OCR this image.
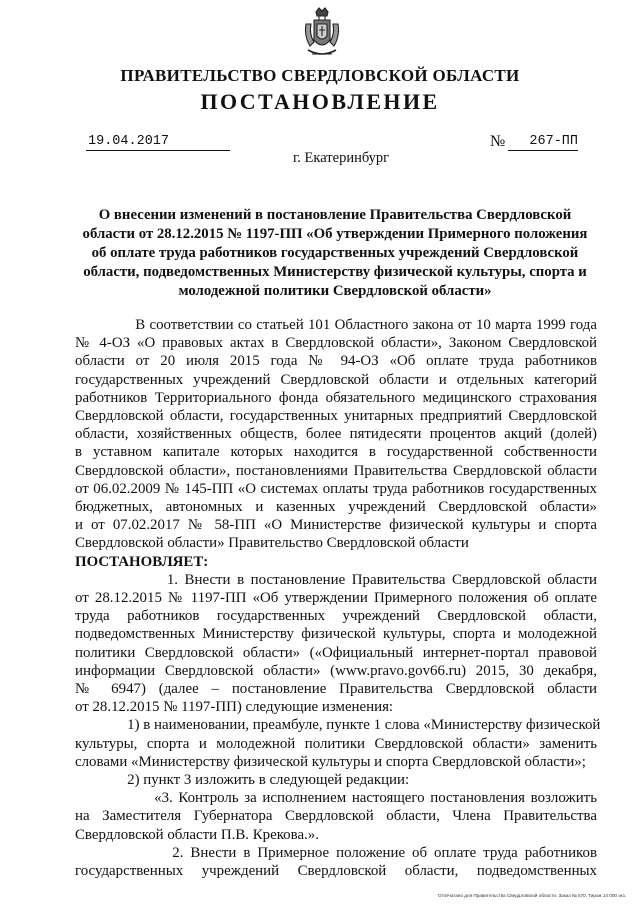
ПРАВИТЕЛЬСТВО СВЕРДЛОВСКОЙ ОБЛАСТИ
ПОСТАНОВЛЕНИЕ
19.04.2017	№	267-ПП
г. Екатеринбург
О внесении изменений в постановление Правительства Свердловской области от 28.12.2015 № 1197-ПП «Об утверждении Примерного положения об оплате труда работников государственных учреждений Свердловской области, подведомственных Министерству физической культуры, спорта и молодежной политики Свердловской области»
В соответствии со статьей 101 Областного закона от 10 марта 1999 года
№ 4-ОЗ «О правовых актах в Свердловской области», Законом Свердловской
области от 20 июля 2015 года № 94-ОЗ «Об оплате труда работников
государственных учреждений Свердловской области и отдельных категорий
работников Территориального фонда обязательного медицинского страхования
Свердловской области, государственных унитарных предприятий Свердловской
области, хозяйственных обществ, более пятидесяти процентов акций (долей)
в уставном капитале которых находится в государственной собственности
Свердловской области», постановлениями Правительства Свердловской области
от 06.02.2009 № 145-ПП «О системах оплаты труда работников государственных
бюджетных, автономных и казенных учреждений Свердловской области»
и от 07.02.2017 № 58-ПП «О Министерстве физической культуры и спорта
Свердловской области» Правительство Свердловской области
ПОСТАНОВЛЯЕТ:
1. Внести в постановление Правительства Свердловской области
от 28.12.2015 № 1197-ПП «Об утверждении Примерного положения об оплате
труда работников государственных учреждений Свердловской области,
подведомственных Министерству физической культуры, спорта и молодежной
политики Свердловской области» («Официальный интернет-портал правовой
информации Свердловской области» (www.pravo.gov66.ru) 2015, 30 декабря,
№ 6947) (далее – постановление Правительства Свердловской области
от 28.12.2015 № 1197-ПП) следующие изменения:
1) в наименовании, преамбуле, пункте 1 слова «Министерству физической
культуры, спорта и молодежной политики Свердловской области» заменить
словами «Министерству физической культуры и спорта Свердловской области»;
2) пункт 3 изложить в следующей редакции:
«3. Контроль за исполнением настоящего постановления возложить
на Заместителя Губернатора Свердловской области, Члена Правительства
Свердловской области П.В. Крекова.».
2. Внести в Примерное положение об оплате труда работников
государственных учреждений Свердловской области, подведомственных
Отпечатано для Правительства Свердловской области. Заказ № 570. Тираж 14 000 экз.
